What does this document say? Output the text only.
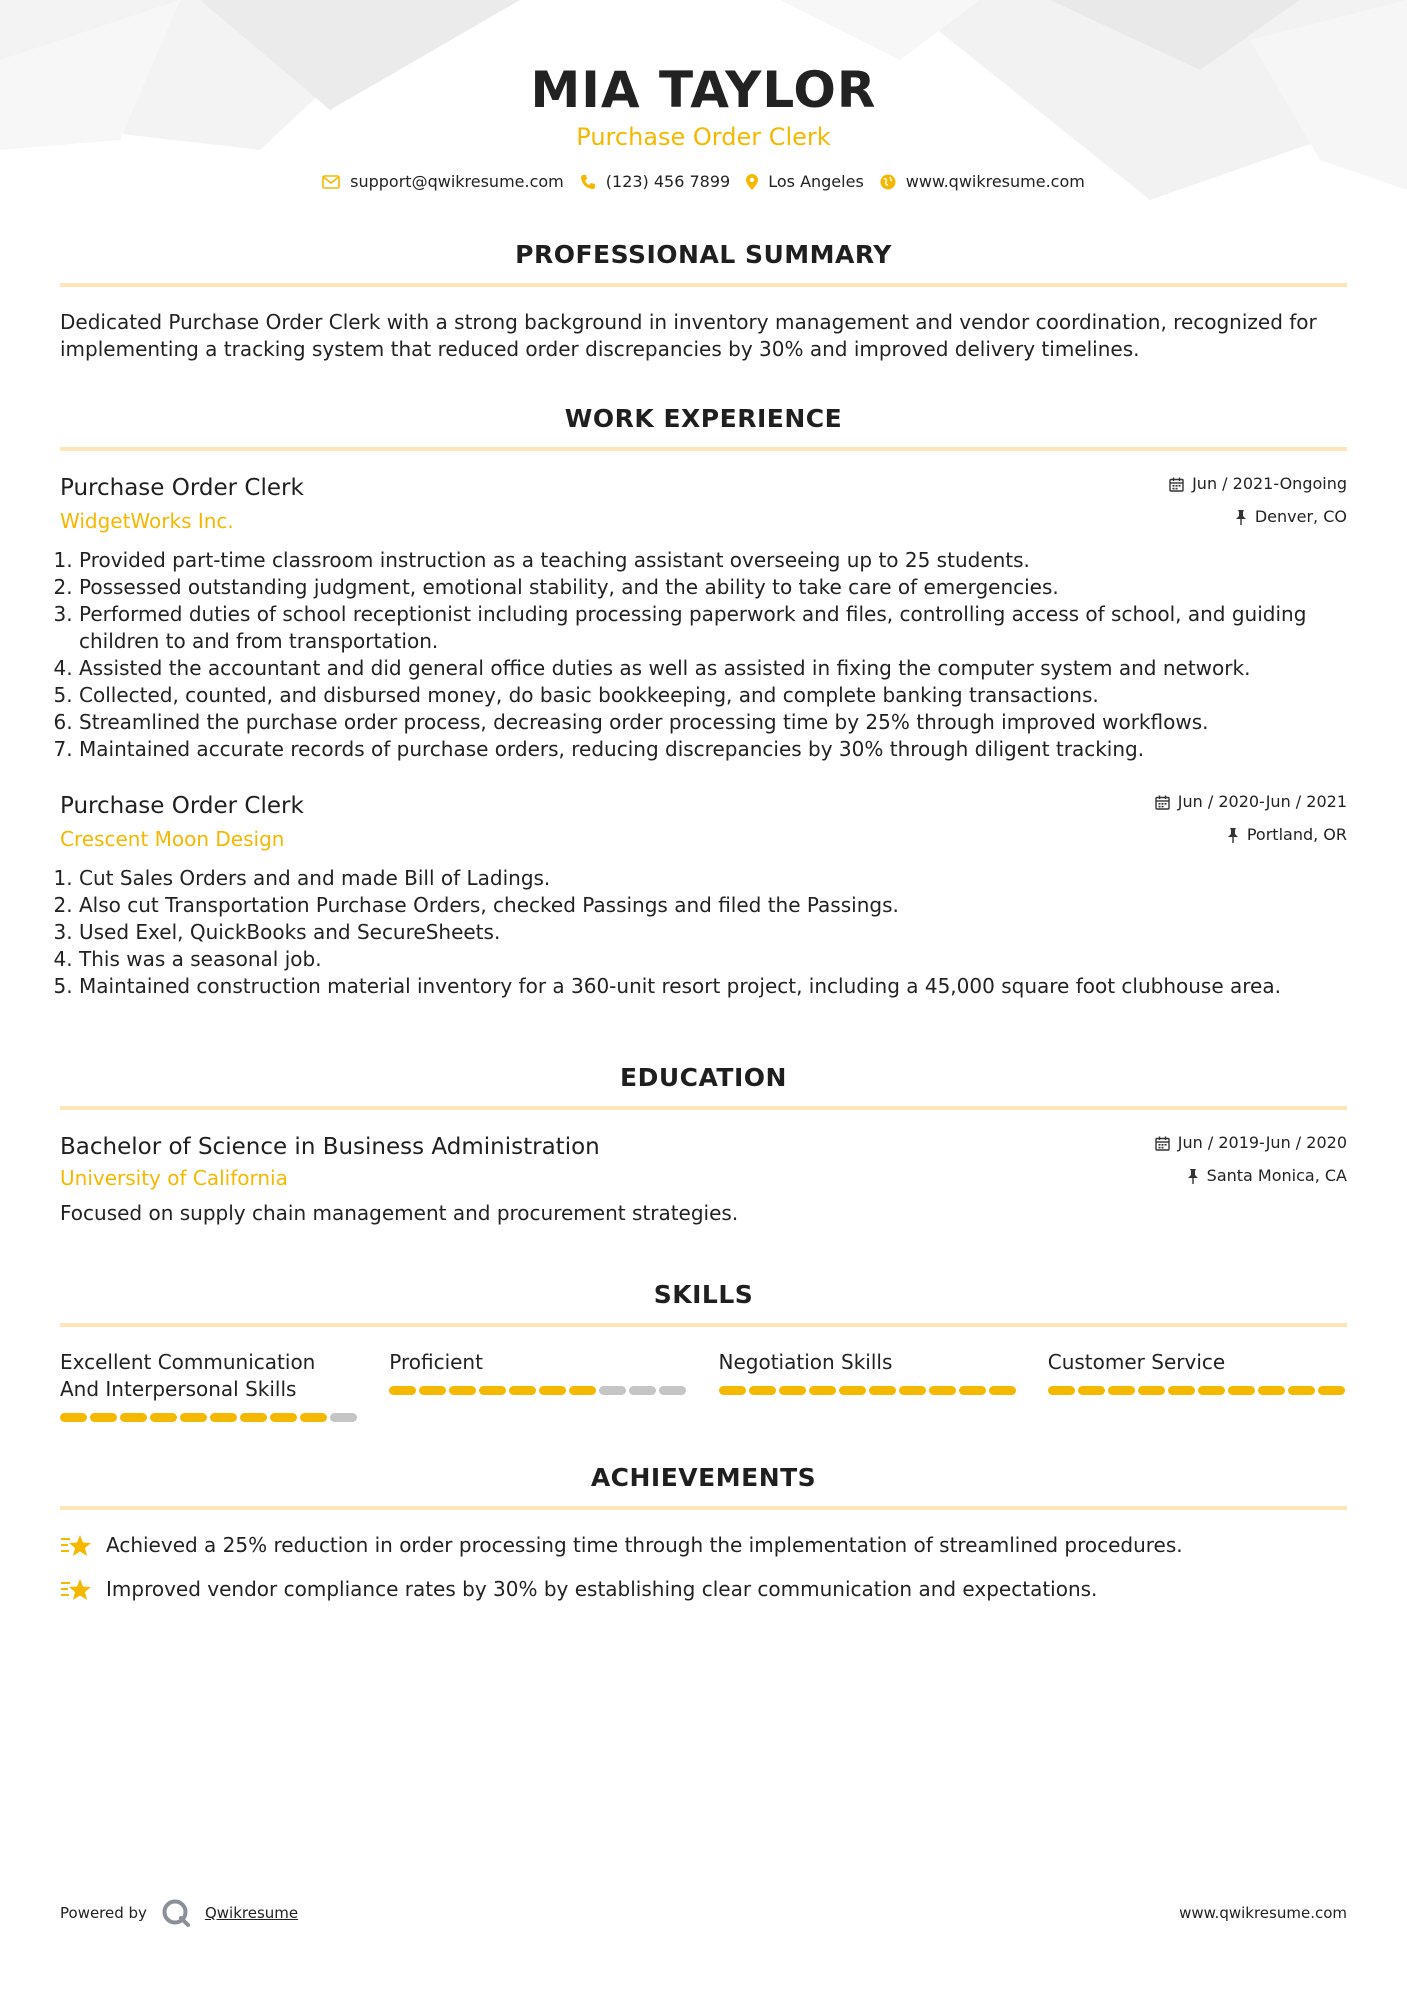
MIA TAYLOR
Purchase Order Clerk
support@qwikresume.com	(123) 456 7899 Los Angeles	www.qwikresume.com
PROFESSIONAL SUMMARY

Dedicated Purchase Order Clerk with a strong background in inventory management and vendor coordination, recognized for implementing a tracking system that reduced order discrepancies by 30% and improved delivery timelines.

WORK EXPERIENCE
Purchase Order Clerk
WidgetWorks Inc.
Jun / 2021-Ongoing
Denver, CO
1. Provided part-time classroom instruction as a teaching assistant overseeing up to 25 students.
2. Possessed outstanding judgment, emotional stability, and the ability to take care of emergencies.
3. Performed duties of school receptionist including processing paperwork and files, controlling access of school, and guiding children to and from transportation.
4. Assisted the accountant and did general office duties as well as assisted in fixing the computer system and network.
5. Collected, counted, and disbursed money, do basic bookkeeping, and complete banking transactions.
6. Streamlined the purchase order process, decreasing order processing time by 25% through improved workflows.
7. Maintained accurate records of purchase orders, reducing discrepancies by 30% through diligent tracking.
Purchase Order Clerk
Crescent Moon Design
Jun / 2020-Jun / 2021
Portland, OR
1. Cut Sales Orders and and made Bill of Ladings.
2. Also cut Transportation Purchase Orders, checked Passings and filed the Passings.
3. Used Exel, QuickBooks and SecureSheets.
4. This was a seasonal job.
5. Maintained construction material inventory for a 360-unit resort project, including a 45,000 square foot clubhouse area.
EDUCATION
Bachelor of Science in Business Administration
University of California
Jun / 2019-Jun / 2020
Santa Monica, CA

Focused on supply chain management and procurement strategies.

SKILLS
Excellent Communication And Interpersonal Skills
Proficient	Negotiation Skills	Customer Service
ACHIEVEMENTS
Achieved a 25% reduction in order processing time through the implementation of streamlined procedures.
Improved vendor compliance rates by 30% by establishing clear communication and expectations.
Powered by	Qwikresume	www.qwikresume.com
